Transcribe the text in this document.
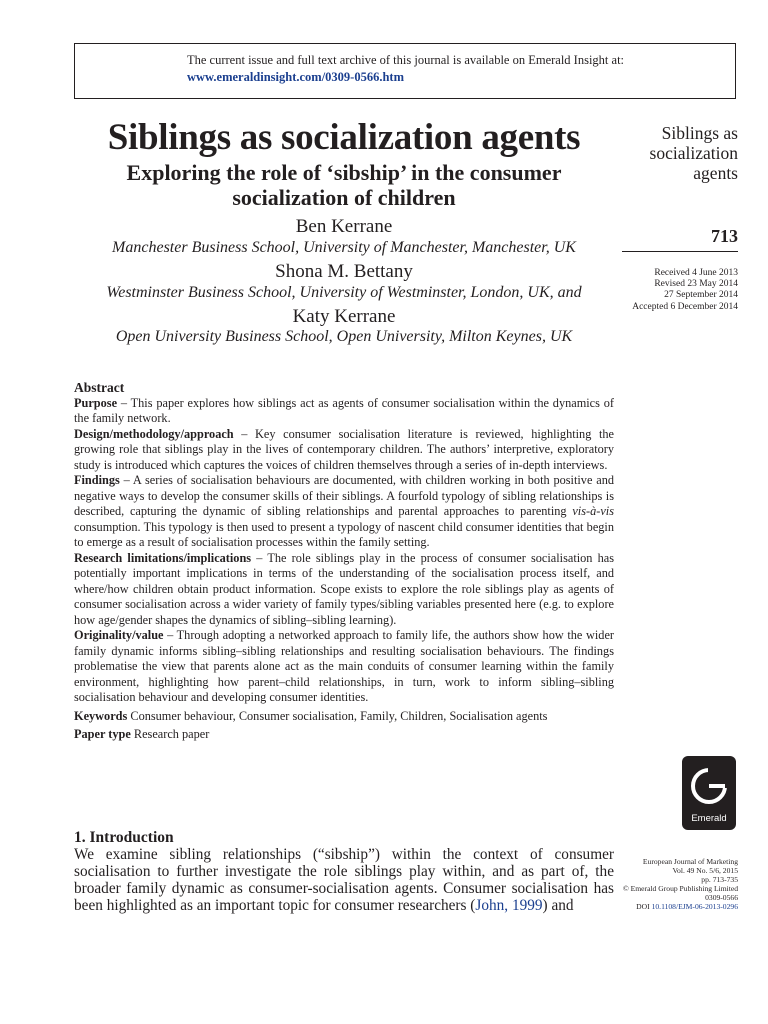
The current issue and full text archive of this journal is available on Emerald Insight at:
www.emeraldinsight.com/0309-0566.htm
Siblings as socialization agents
Exploring the role of ‘sibship’ in the consumer socialization of children
Ben Kerrane
Manchester Business School, University of Manchester, Manchester, UK
Shona M. Bettany
Westminster Business School, University of Westminster, London, UK, and
Katy Kerrane
Open University Business School, Open University, Milton Keynes, UK
Siblings as socialization agents
713
Received 4 June 2013
Revised 23 May 2014
27 September 2014
Accepted 6 December 2014

Abstract

Purpose – This paper explores how siblings act as agents of consumer socialisation within the dynamics of the family network.

Design/methodology/approach – Key consumer socialisation literature is reviewed, highlighting the growing role that siblings play in the lives of contemporary children. The authors’ interpretive, exploratory study is introduced which captures the voices of children themselves through a series of in-depth interviews.

Findings – A series of socialisation behaviours are documented, with children working in both positive and negative ways to develop the consumer skills of their siblings. A fourfold typology of sibling relationships is described, capturing the dynamic of sibling relationships and parental approaches to parenting vis-à-vis consumption. This typology is then used to present a typology of nascent child consumer identities that begin to emerge as a result of socialisation processes within the family setting.

Research limitations/implications – The role siblings play in the process of consumer socialisation has potentially important implications in terms of the understanding of the socialisation process itself, and where/how children obtain product information. Scope exists to explore the role siblings play as agents of consumer socialisation across a wider variety of family types/sibling variables presented here (e.g. to explore how age/gender shapes the dynamics of sibling–sibling learning).

Originality/value – Through adopting a networked approach to family life, the authors show how the wider family dynamic informs sibling–sibling relationships and resulting socialisation behaviours. The findings problematise the view that parents alone act as the main conduits of consumer learning within the family environment, highlighting how parent–child relationships, in turn, work to inform sibling–sibling socialisation behaviour and developing consumer identities.

Keywords Consumer behaviour, Consumer socialisation, Family, Children, Socialisation agents

Paper type Research paper

1. Introduction

We examine sibling relationships (“sibship”) within the context of consumer socialisation to further investigate the role siblings play within, and as part of, the broader family dynamic as consumer-socialisation agents. Consumer socialisation has been highlighted as an important topic for consumer researchers (John, 1999) and

Emerald
European Journal of Marketing
Vol. 49 No. 5/6, 2015
pp. 713-735
© Emerald Group Publishing Limited
0309-0566
DOI 10.1108/EJM-06-2013-0296
